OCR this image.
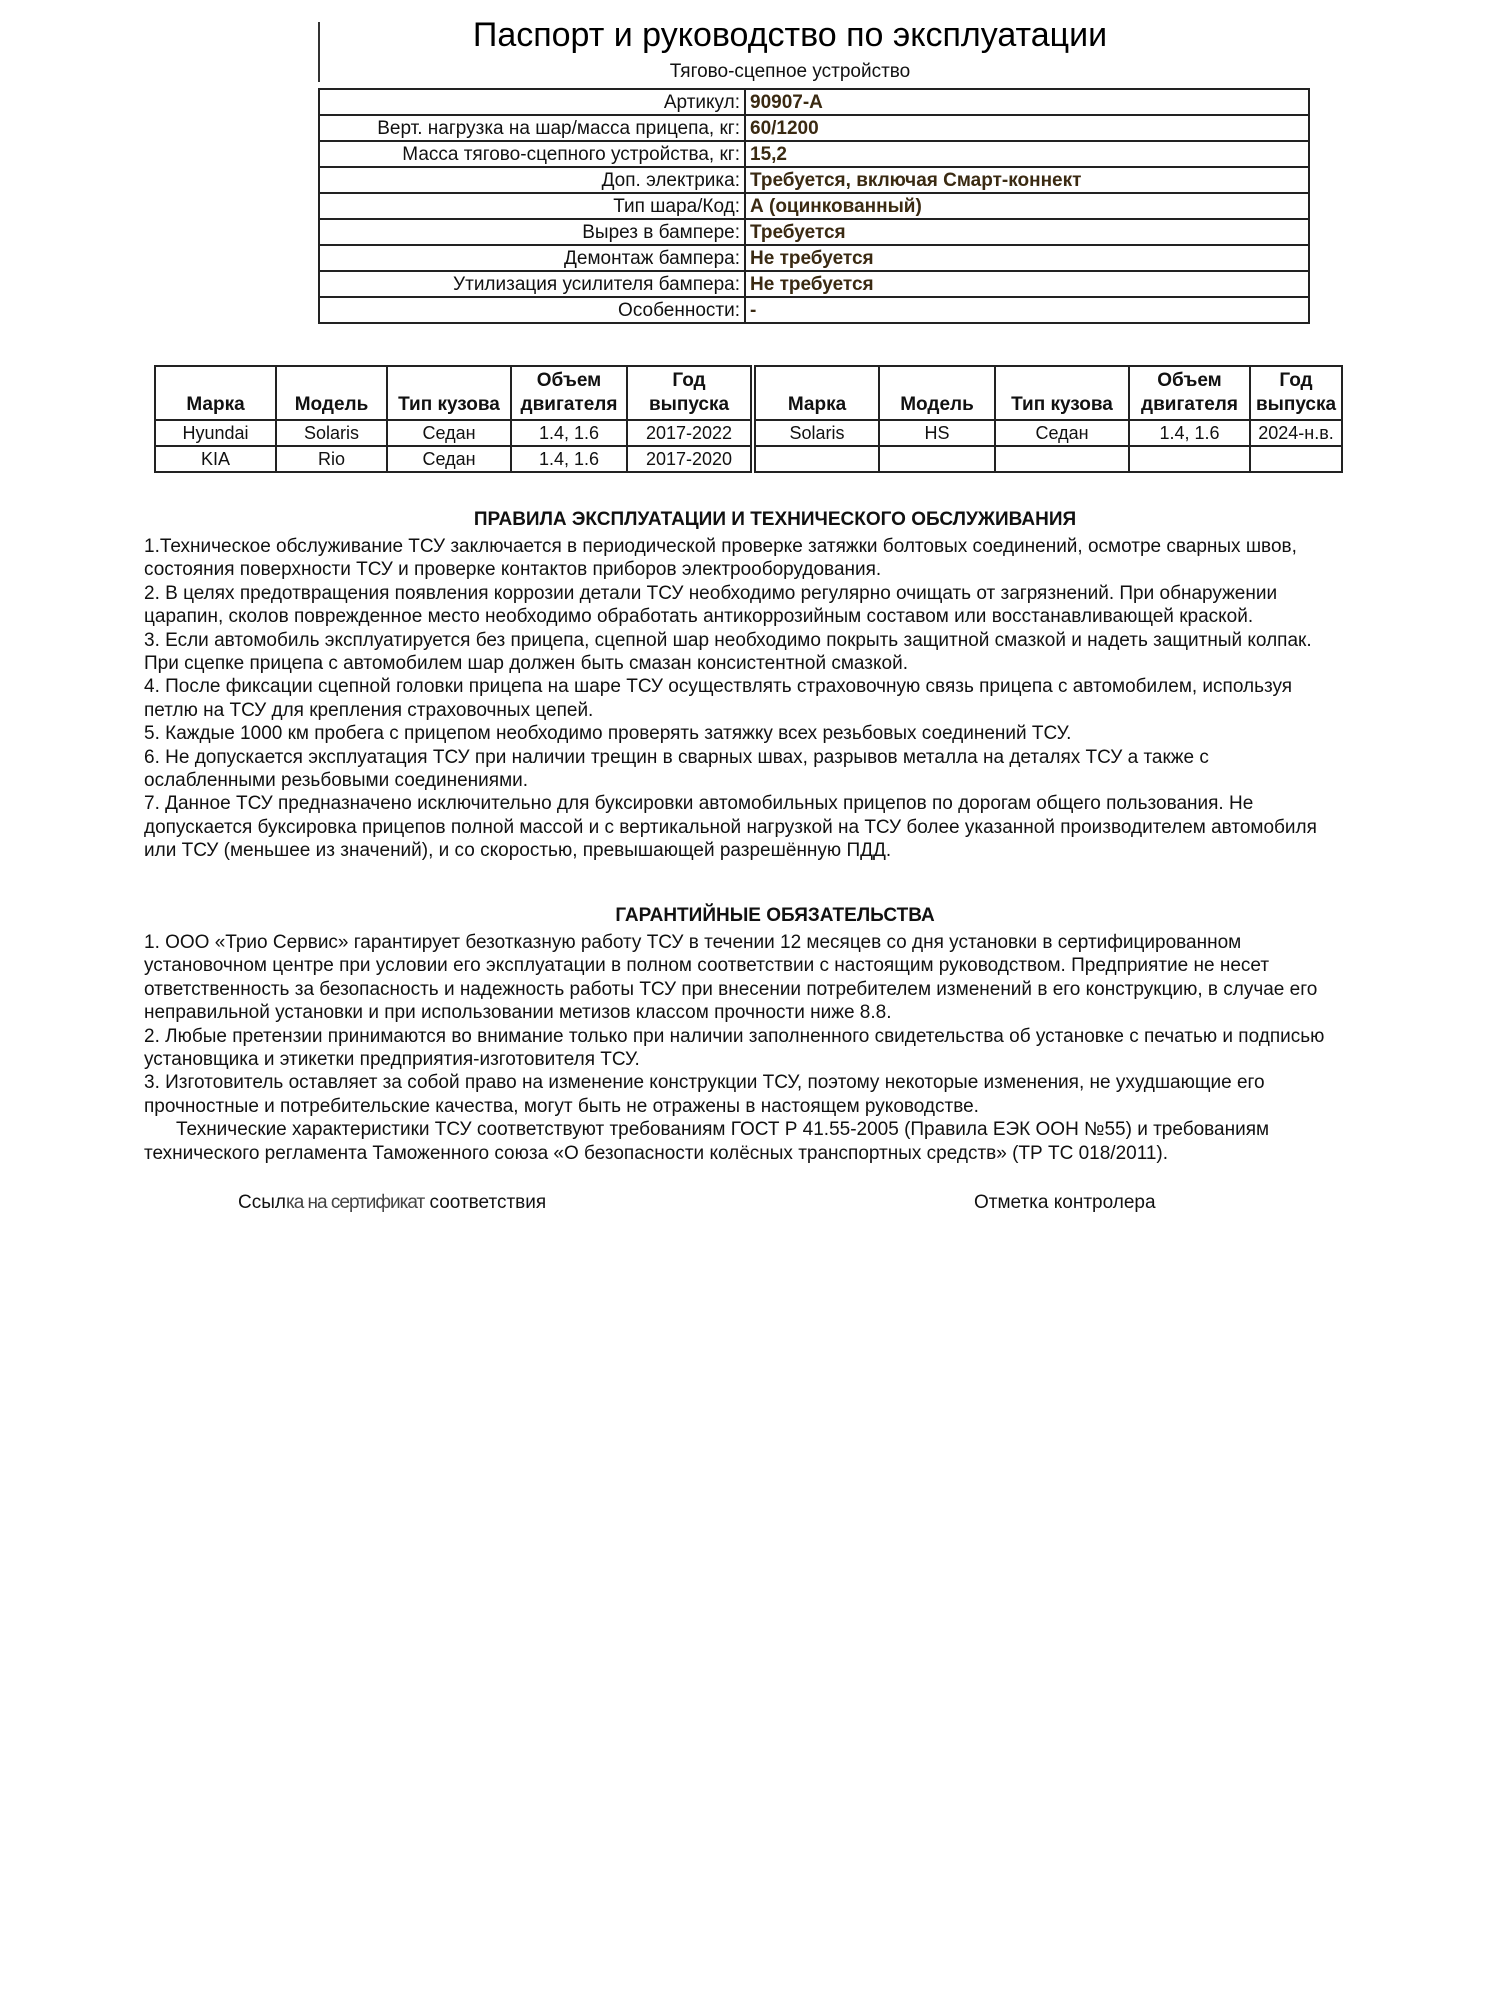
Паспорт и руководство по эксплуатации
Тягово-сцепное устройство
Артикул:	90907-А
Верт. нагрузка на шар/масса прицепа, кг:	60/1200
Масса тягово-сцепного устройства, кг:	15,2
Доп. электрика:	Требуется, включая Смарт-коннект
Тип шара/Код:	А (оцинкованный)
Вырез в бампере:	Требуется
Демонтаж бампера:	Не требуется
Утилизация усилителя бампера:	Не требуется
Особенности:	-
Марка	Модель	Тип кузова	Объем двигателя	Год выпуска
Hyundai	Solaris	Седан	1.4, 1.6	2017-2022
KIA	Rio	Седан	1.4, 1.6	2017-2020
Марка	Модель	Тип кузова	Объем двигателя	Год выпуска
Solaris	HS	Седан	1.4, 1.6	2024-н.в.

ПРАВИЛА ЭКСПЛУАТАЦИИ И ТЕХНИЧЕСКОГО ОБСЛУЖИВАНИЯ

1.Техническое обслуживание ТСУ заключается в периодической проверке затяжки болтовых соединений, осмотре сварных швов, состояния поверхности ТСУ и проверке контактов приборов электрооборудования.

2. В целях предотвращения появления коррозии детали ТСУ необходимо регулярно очищать от загрязнений. При обнаружении царапин, сколов поврежденное место необходимо обработать антикоррозийным составом или восстанавливающей краской.

3. Если автомобиль эксплуатируется без прицепа, сцепной шар необходимо покрыть защитной смазкой и надеть защитный колпак. При сцепке прицепа с автомобилем шар должен быть смазан консистентной смазкой.

4. После фиксации сцепной головки прицепа на шаре ТСУ осуществлять страховочную связь прицепа с автомобилем, используя петлю на ТСУ для крепления страховочных цепей.

5. Каждые 1000 км пробега с прицепом необходимо проверять затяжку всех резьбовых соединений ТСУ.

6. Не допускается эксплуатация ТСУ при наличии трещин в сварных швах, разрывов металла на деталях ТСУ а также с ослабленными резьбовыми соединениями.

7. Данное ТСУ предназначено исключительно для буксировки автомобильных прицепов по дорогам общего пользования. Не допускается буксировка прицепов полной массой и с вертикальной нагрузкой на ТСУ более указанной производителем автомобиля или ТСУ (меньшее из значений), и со скоростью, превышающей разрешённую ПДД.

ГАРАНТИЙНЫЕ ОБЯЗАТЕЛЬСТВА

1. ООО «Трио Сервис» гарантирует безотказную работу ТСУ в течении 12 месяцев со дня установки в сертифицированном установочном центре при условии его эксплуатации в полном соответствии с настоящим руководством. Предприятие не несет ответственность за безопасность и надежность работы ТСУ при внесении потребителем изменений в его конструкцию, в случае его неправильной установки и при использовании метизов классом прочности ниже 8.8.

2. Любые претензии принимаются во внимание только при наличии заполненного свидетельства об установке с печатью и подписью установщика и этикетки предприятия-изготовителя ТСУ.

3. Изготовитель оставляет за собой право на изменение конструкции ТСУ, поэтому некоторые изменения, не ухудшающие его прочностные и потребительские качества, могут быть не отражены в настоящем руководстве.

Технические характеристики ТСУ соответствуют требованиям ГОСТ Р 41.55-2005 (Правила ЕЭК ООН №55) и требованиям технического регламента Таможенного союза «О безопасности колёсных транспортных средств» (ТР ТС 018/2011).

Ссылка на сертификат соответствия	Отметка контролера
